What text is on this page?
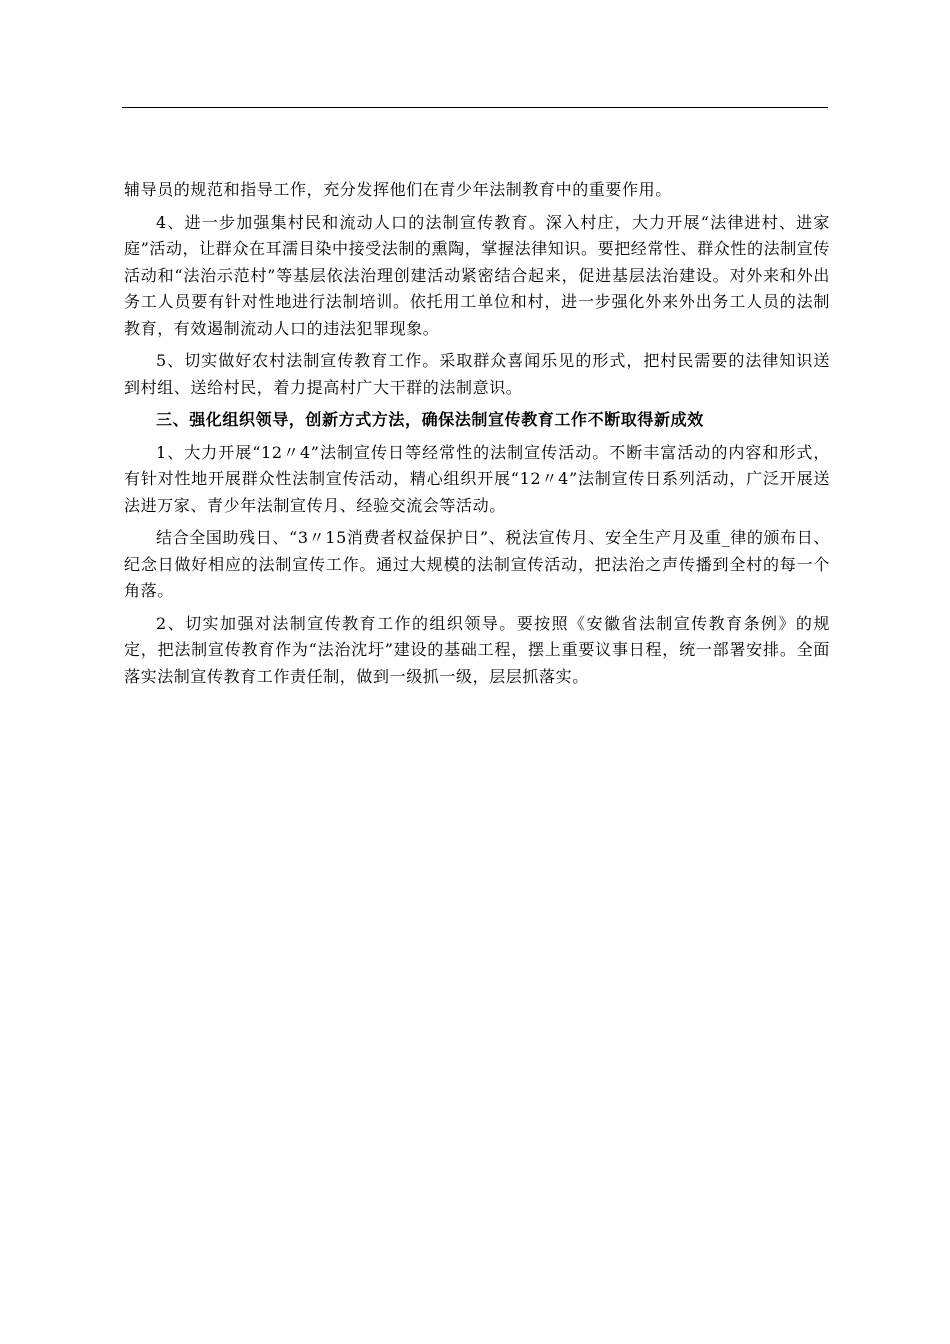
辅导员的规范和指导工作，充分发挥他们在青少年法制教育中的重要作用。

4、进一步加强集村民和流动人口的法制宣传教育。深入村庄，大力开展“法律进村、进家庭”活动，让群众在耳濡目染中接受法制的熏陶，掌握法律知识。要把经常性、群众性的法制宣传活动和“法治示范村”等基层依法治理创建活动紧密结合起来，促进基层法治建设。对外来和外出务工人员要有针对性地进行法制培训。依托用工单位和村，进一步强化外来外出务工人员的法制教育，有效遏制流动人口的违法犯罪现象。

5、切实做好农村法制宣传教育工作。采取群众喜闻乐见的形式，把村民需要的法律知识送到村组、送给村民，着力提高村广大干群的法制意识。

三、强化组织领导，创新方式方法，确保法制宣传教育工作不断取得新成效

1、大力开展“12〃4”法制宣传日等经常性的法制宣传活动。不断丰富活动的内容和形式，有针对性地开展群众性法制宣传活动，精心组织开展“12〃4”法制宣传日系列活动，广泛开展送法进万家、青少年法制宣传月、经验交流会等活动。

结合全国助残日、“3〃15消费者权益保护日”、税法宣传月、安全生产月及重_律的颁布日、纪念日做好相应的法制宣传工作。通过大规模的法制宣传活动，把法治之声传播到全村的每一个角落。

2、切实加强对法制宣传教育工作的组织领导。要按照《安徽省法制宣传教育条例》的规定，把法制宣传教育作为“法治沈圩”建设的基础工程，摆上重要议事日程，统一部署安排。全面落实法制宣传教育工作责任制，做到一级抓一级，层层抓落实。
